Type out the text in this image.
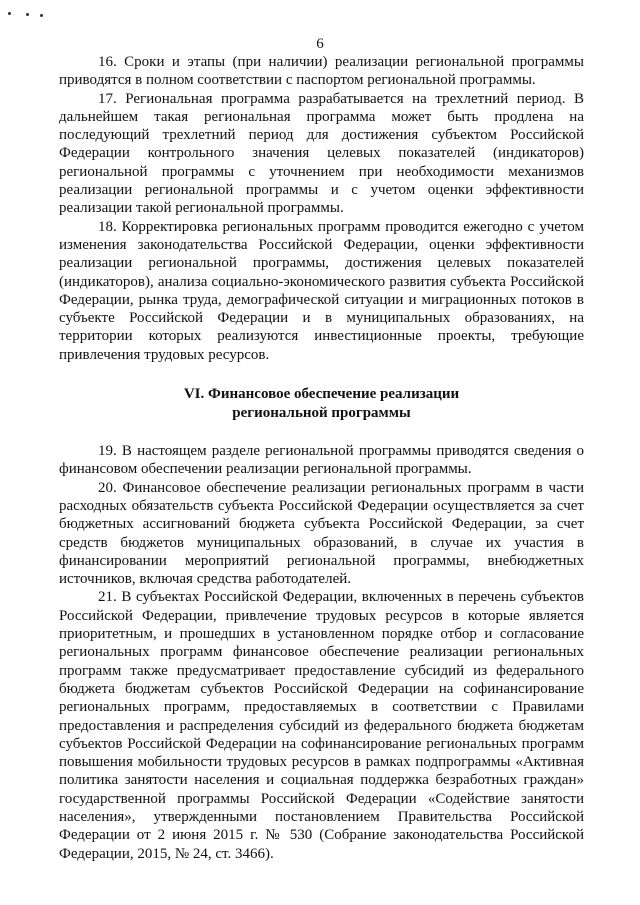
6

16. Сроки и этапы (при наличии) реализации региональной программы приводятся в полном соответствии с паспортом региональной программы.

17. Региональная программа разрабатывается на трехлетний период. В дальнейшем такая региональная программа может быть продлена на последующий трехлетний период для достижения субъектом Российской Федерации контрольного значения целевых показателей (индикаторов) региональной программы с уточнением при необходимости механизмов реализации региональной программы и с учетом оценки эффективности реализации такой региональной программы.

18. Корректировка региональных программ проводится ежегодно с учетом изменения законодательства Российской Федерации, оценки эффективности реализации региональной программы, достижения целевых показателей (индикаторов), анализа социально-экономического развития субъекта Российской Федерации, рынка труда, демографической ситуации и миграционных потоков в субъекте Российской Федерации и в муниципальных образованиях, на территории которых реализуются инвестиционные проекты, требующие привлечения трудовых ресурсов.

VI. Финансовое обеспечение реализации
региональной программы

19. В настоящем разделе региональной программы приводятся сведения о финансовом обеспечении реализации региональной программы.

20. Финансовое обеспечение реализации региональных программ в части расходных обязательств субъекта Российской Федерации осуществляется за счет бюджетных ассигнований бюджета субъекта Российской Федерации, за счет средств бюджетов муниципальных образований, в случае их участия в финансировании мероприятий региональной программы, внебюджетных источников, включая средства работодателей.

21. В субъектах Российской Федерации, включенных в перечень субъектов Российской Федерации, привлечение трудовых ресурсов в которые является приоритетным, и прошедших в установленном порядке отбор и согласование региональных программ финансовое обеспечение реализации региональных программ также предусматривает предоставление субсидий из федерального бюджета бюджетам субъектов Российской Федерации на софинансирование региональных программ, предоставляемых в соответствии с Правилами предоставления и распределения субсидий из федерального бюджета бюджетам субъектов Российской Федерации на софинансирование региональных программ повышения мобильности трудовых ресурсов в рамках подпрограммы «Активная политика занятости населения и социальная поддержка безработных граждан» государственной программы Российской Федерации «Содействие занятости населения», утвержденными постановлением Правительства Российской Федерации от 2 июня 2015 г. № 530 (Собрание законодательства Российской Федерации, 2015, № 24, ст. 3466).
